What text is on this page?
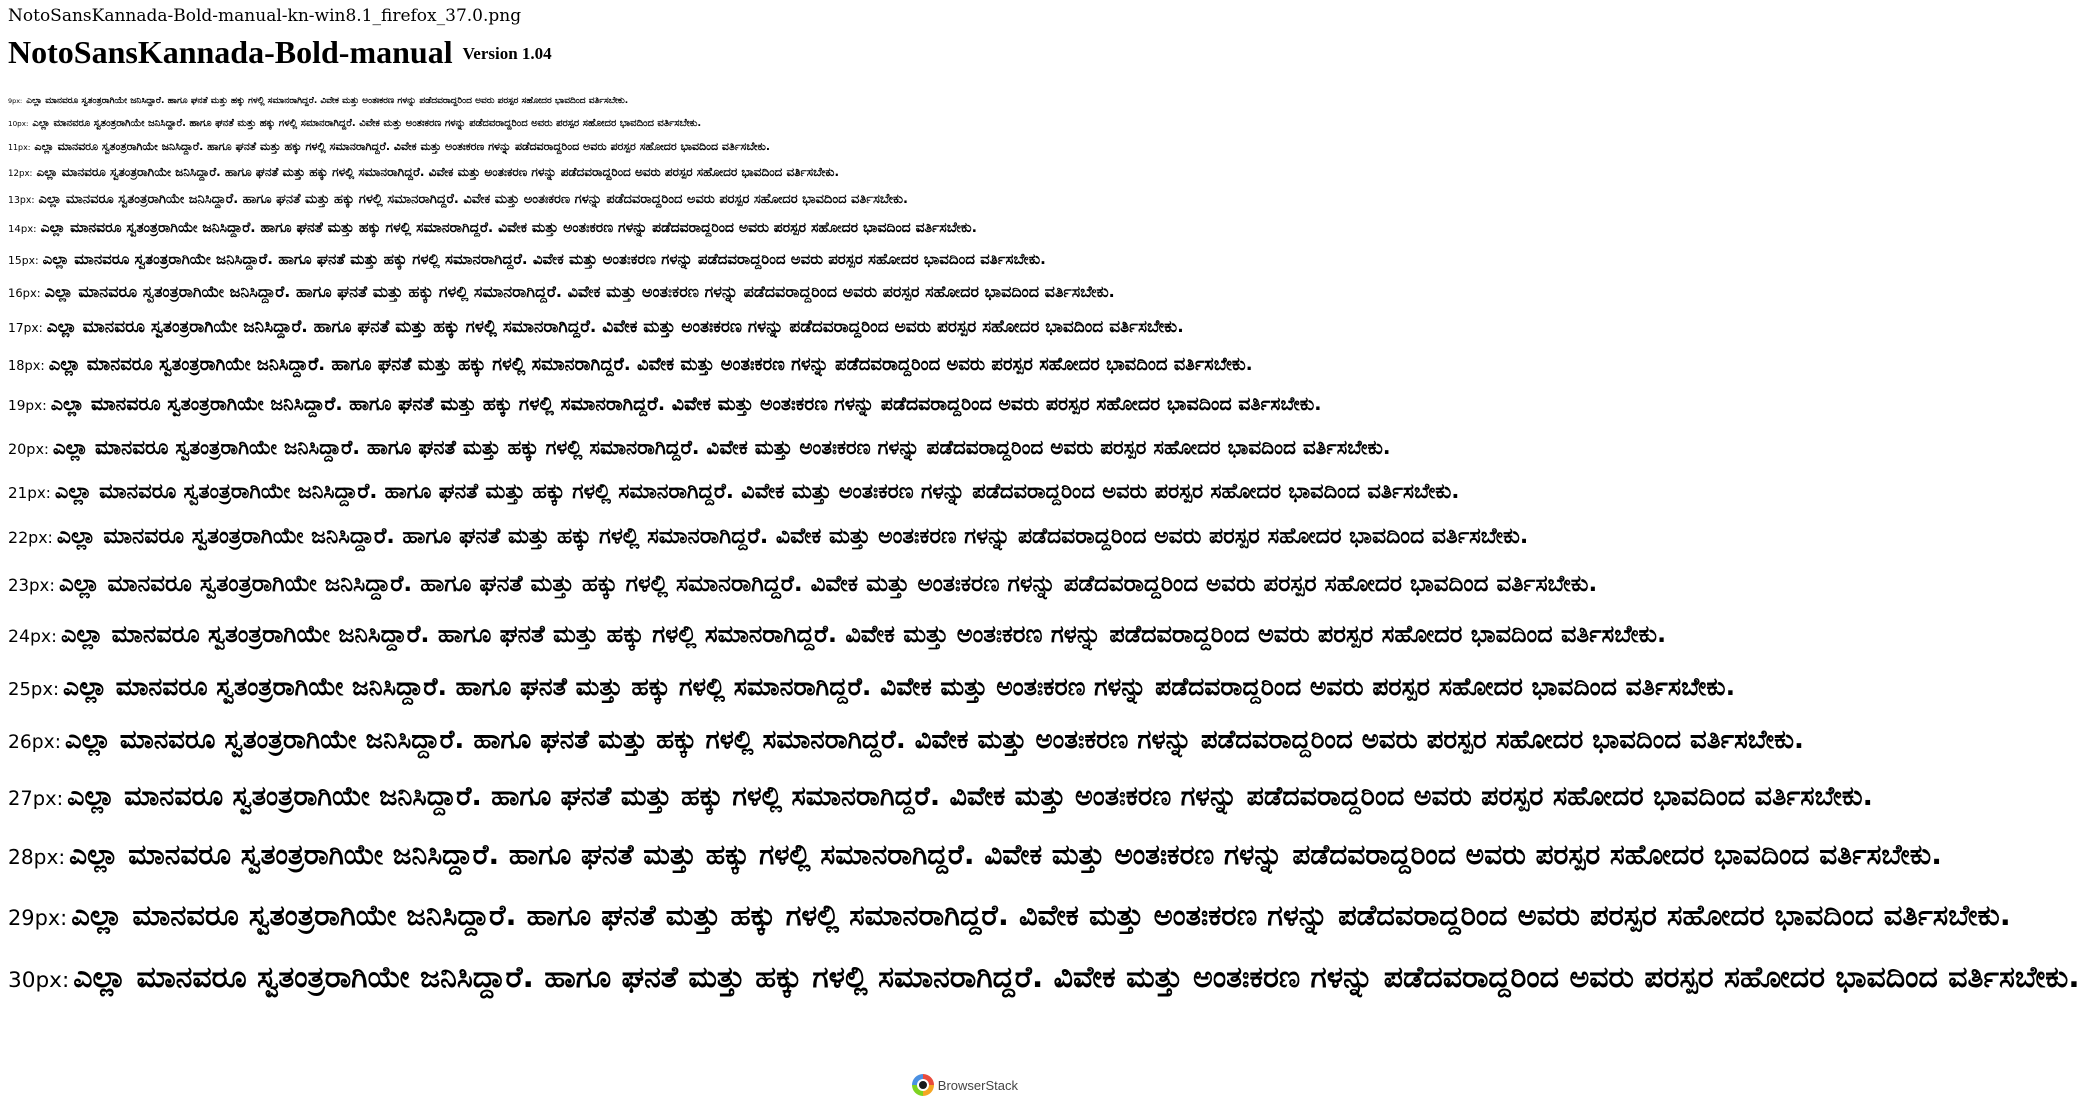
NotoSansKannada-Bold-manual-kn-win8.1_firefox_37.0.png
NotoSansKannada-Bold-manual Version 1.04
9px: ಎಲ್ಲಾ ಮಾನವರೂ ಸ್ವತಂತ್ರರಾಗಿಯೇ ಜನಿಸಿದ್ದಾರೆ. ಹಾಗೂ ಘನತೆ ಮತ್ತು ಹಕ್ಕು ಗಳಲ್ಲಿ ಸಮಾನರಾಗಿದ್ದರೆ. ವಿವೇಕ ಮತ್ತು ಅಂತಃಕರಣ ಗಳನ್ನು ಪಡೆದವರಾದ್ದರಿಂದ ಅವರು ಪರಸ್ಪರ ಸಹೋದರ ಭಾವದಿಂದ ವರ್ತಿಸಬೇಕು.
10px: ಎಲ್ಲಾ ಮಾನವರೂ ಸ್ವತಂತ್ರರಾಗಿಯೇ ಜನಿಸಿದ್ದಾರೆ. ಹಾಗೂ ಘನತೆ ಮತ್ತು ಹಕ್ಕು ಗಳಲ್ಲಿ ಸಮಾನರಾಗಿದ್ದರೆ. ವಿವೇಕ ಮತ್ತು ಅಂತಃಕರಣ ಗಳನ್ನು ಪಡೆದವರಾದ್ದರಿಂದ ಅವರು ಪರಸ್ಪರ ಸಹೋದರ ಭಾವದಿಂದ ವರ್ತಿಸಬೇಕು.
11px: ಎಲ್ಲಾ ಮಾನವರೂ ಸ್ವತಂತ್ರರಾಗಿಯೇ ಜನಿಸಿದ್ದಾರೆ. ಹಾಗೂ ಘನತೆ ಮತ್ತು ಹಕ್ಕು ಗಳಲ್ಲಿ ಸಮಾನರಾಗಿದ್ದರೆ. ವಿವೇಕ ಮತ್ತು ಅಂತಃಕರಣ ಗಳನ್ನು ಪಡೆದವರಾದ್ದರಿಂದ ಅವರು ಪರಸ್ಪರ ಸಹೋದರ ಭಾವದಿಂದ ವರ್ತಿಸಬೇಕು.
12px: ಎಲ್ಲಾ ಮಾನವರೂ ಸ್ವತಂತ್ರರಾಗಿಯೇ ಜನಿಸಿದ್ದಾರೆ. ಹಾಗೂ ಘನತೆ ಮತ್ತು ಹಕ್ಕು ಗಳಲ್ಲಿ ಸಮಾನರಾಗಿದ್ದರೆ. ವಿವೇಕ ಮತ್ತು ಅಂತಃಕರಣ ಗಳನ್ನು ಪಡೆದವರಾದ್ದರಿಂದ ಅವರು ಪರಸ್ಪರ ಸಹೋದರ ಭಾವದಿಂದ ವರ್ತಿಸಬೇಕು.
13px: ಎಲ್ಲಾ ಮಾನವರೂ ಸ್ವತಂತ್ರರಾಗಿಯೇ ಜನಿಸಿದ್ದಾರೆ. ಹಾಗೂ ಘನತೆ ಮತ್ತು ಹಕ್ಕು ಗಳಲ್ಲಿ ಸಮಾನರಾಗಿದ್ದರೆ. ವಿವೇಕ ಮತ್ತು ಅಂತಃಕರಣ ಗಳನ್ನು ಪಡೆದವರಾದ್ದರಿಂದ ಅವರು ಪರಸ್ಪರ ಸಹೋದರ ಭಾವದಿಂದ ವರ್ತಿಸಬೇಕು.
14px: ಎಲ್ಲಾ ಮಾನವರೂ ಸ್ವತಂತ್ರರಾಗಿಯೇ ಜನಿಸಿದ್ದಾರೆ. ಹಾಗೂ ಘನತೆ ಮತ್ತು ಹಕ್ಕು ಗಳಲ್ಲಿ ಸಮಾನರಾಗಿದ್ದರೆ. ವಿವೇಕ ಮತ್ತು ಅಂತಃಕರಣ ಗಳನ್ನು ಪಡೆದವರಾದ್ದರಿಂದ ಅವರು ಪರಸ್ಪರ ಸಹೋದರ ಭಾವದಿಂದ ವರ್ತಿಸಬೇಕು.
15px: ಎಲ್ಲಾ ಮಾನವರೂ ಸ್ವತಂತ್ರರಾಗಿಯೇ ಜನಿಸಿದ್ದಾರೆ. ಹಾಗೂ ಘನತೆ ಮತ್ತು ಹಕ್ಕು ಗಳಲ್ಲಿ ಸಮಾನರಾಗಿದ್ದರೆ. ವಿವೇಕ ಮತ್ತು ಅಂತಃಕರಣ ಗಳನ್ನು ಪಡೆದವರಾದ್ದರಿಂದ ಅವರು ಪರಸ್ಪರ ಸಹೋದರ ಭಾವದಿಂದ ವರ್ತಿಸಬೇಕು.
16px: ಎಲ್ಲಾ ಮಾನವರೂ ಸ್ವತಂತ್ರರಾಗಿಯೇ ಜನಿಸಿದ್ದಾರೆ. ಹಾಗೂ ಘನತೆ ಮತ್ತು ಹಕ್ಕು ಗಳಲ್ಲಿ ಸಮಾನರಾಗಿದ್ದರೆ. ವಿವೇಕ ಮತ್ತು ಅಂತಃಕರಣ ಗಳನ್ನು ಪಡೆದವರಾದ್ದರಿಂದ ಅವರು ಪರಸ್ಪರ ಸಹೋದರ ಭಾವದಿಂದ ವರ್ತಿಸಬೇಕು.
17px: ಎಲ್ಲಾ ಮಾನವರೂ ಸ್ವತಂತ್ರರಾಗಿಯೇ ಜನಿಸಿದ್ದಾರೆ. ಹಾಗೂ ಘನತೆ ಮತ್ತು ಹಕ್ಕು ಗಳಲ್ಲಿ ಸಮಾನರಾಗಿದ್ದರೆ. ವಿವೇಕ ಮತ್ತು ಅಂತಃಕರಣ ಗಳನ್ನು ಪಡೆದವರಾದ್ದರಿಂದ ಅವರು ಪರಸ್ಪರ ಸಹೋದರ ಭಾವದಿಂದ ವರ್ತಿಸಬೇಕು.
18px: ಎಲ್ಲಾ ಮಾನವರೂ ಸ್ವತಂತ್ರರಾಗಿಯೇ ಜನಿಸಿದ್ದಾರೆ. ಹಾಗೂ ಘನತೆ ಮತ್ತು ಹಕ್ಕು ಗಳಲ್ಲಿ ಸಮಾನರಾಗಿದ್ದರೆ. ವಿವೇಕ ಮತ್ತು ಅಂತಃಕರಣ ಗಳನ್ನು ಪಡೆದವರಾದ್ದರಿಂದ ಅವರು ಪರಸ್ಪರ ಸಹೋದರ ಭಾವದಿಂದ ವರ್ತಿಸಬೇಕು.
19px: ಎಲ್ಲಾ ಮಾನವರೂ ಸ್ವತಂತ್ರರಾಗಿಯೇ ಜನಿಸಿದ್ದಾರೆ. ಹಾಗೂ ಘನತೆ ಮತ್ತು ಹಕ್ಕು ಗಳಲ್ಲಿ ಸಮಾನರಾಗಿದ್ದರೆ. ವಿವೇಕ ಮತ್ತು ಅಂತಃಕರಣ ಗಳನ್ನು ಪಡೆದವರಾದ್ದರಿಂದ ಅವರು ಪರಸ್ಪರ ಸಹೋದರ ಭಾವದಿಂದ ವರ್ತಿಸಬೇಕು.
20px: ಎಲ್ಲಾ ಮಾನವರೂ ಸ್ವತಂತ್ರರಾಗಿಯೇ ಜನಿಸಿದ್ದಾರೆ. ಹಾಗೂ ಘನತೆ ಮತ್ತು ಹಕ್ಕು ಗಳಲ್ಲಿ ಸಮಾನರಾಗಿದ್ದರೆ. ವಿವೇಕ ಮತ್ತು ಅಂತಃಕರಣ ಗಳನ್ನು ಪಡೆದವರಾದ್ದರಿಂದ ಅವರು ಪರಸ್ಪರ ಸಹೋದರ ಭಾವದಿಂದ ವರ್ತಿಸಬೇಕು.
21px: ಎಲ್ಲಾ ಮಾನವರೂ ಸ್ವತಂತ್ರರಾಗಿಯೇ ಜನಿಸಿದ್ದಾರೆ. ಹಾಗೂ ಘನತೆ ಮತ್ತು ಹಕ್ಕು ಗಳಲ್ಲಿ ಸಮಾನರಾಗಿದ್ದರೆ. ವಿವೇಕ ಮತ್ತು ಅಂತಃಕರಣ ಗಳನ್ನು ಪಡೆದವರಾದ್ದರಿಂದ ಅವರು ಪರಸ್ಪರ ಸಹೋದರ ಭಾವದಿಂದ ವರ್ತಿಸಬೇಕು.
22px: ಎಲ್ಲಾ ಮಾನವರೂ ಸ್ವತಂತ್ರರಾಗಿಯೇ ಜನಿಸಿದ್ದಾರೆ. ಹಾಗೂ ಘನತೆ ಮತ್ತು ಹಕ್ಕು ಗಳಲ್ಲಿ ಸಮಾನರಾಗಿದ್ದರೆ. ವಿವೇಕ ಮತ್ತು ಅಂತಃಕರಣ ಗಳನ್ನು ಪಡೆದವರಾದ್ದರಿಂದ ಅವರು ಪರಸ್ಪರ ಸಹೋದರ ಭಾವದಿಂದ ವರ್ತಿಸಬೇಕು.
23px: ಎಲ್ಲಾ ಮಾನವರೂ ಸ್ವತಂತ್ರರಾಗಿಯೇ ಜನಿಸಿದ್ದಾರೆ. ಹಾಗೂ ಘನತೆ ಮತ್ತು ಹಕ್ಕು ಗಳಲ್ಲಿ ಸಮಾನರಾಗಿದ್ದರೆ. ವಿವೇಕ ಮತ್ತು ಅಂತಃಕರಣ ಗಳನ್ನು ಪಡೆದವರಾದ್ದರಿಂದ ಅವರು ಪರಸ್ಪರ ಸಹೋದರ ಭಾವದಿಂದ ವರ್ತಿಸಬೇಕು.
24px: ಎಲ್ಲಾ ಮಾನವರೂ ಸ್ವತಂತ್ರರಾಗಿಯೇ ಜನಿಸಿದ್ದಾರೆ. ಹಾಗೂ ಘನತೆ ಮತ್ತು ಹಕ್ಕು ಗಳಲ್ಲಿ ಸಮಾನರಾಗಿದ್ದರೆ. ವಿವೇಕ ಮತ್ತು ಅಂತಃಕರಣ ಗಳನ್ನು ಪಡೆದವರಾದ್ದರಿಂದ ಅವರು ಪರಸ್ಪರ ಸಹೋದರ ಭಾವದಿಂದ ವರ್ತಿಸಬೇಕು.
25px: ಎಲ್ಲಾ ಮಾನವರೂ ಸ್ವತಂತ್ರರಾಗಿಯೇ ಜನಿಸಿದ್ದಾರೆ. ಹಾಗೂ ಘನತೆ ಮತ್ತು ಹಕ್ಕು ಗಳಲ್ಲಿ ಸಮಾನರಾಗಿದ್ದರೆ. ವಿವೇಕ ಮತ್ತು ಅಂತಃಕರಣ ಗಳನ್ನು ಪಡೆದವರಾದ್ದರಿಂದ ಅವರು ಪರಸ್ಪರ ಸಹೋದರ ಭಾವದಿಂದ ವರ್ತಿಸಬೇಕು.
26px: ಎಲ್ಲಾ ಮಾನವರೂ ಸ್ವತಂತ್ರರಾಗಿಯೇ ಜನಿಸಿದ್ದಾರೆ. ಹಾಗೂ ಘನತೆ ಮತ್ತು ಹಕ್ಕು ಗಳಲ್ಲಿ ಸಮಾನರಾಗಿದ್ದರೆ. ವಿವೇಕ ಮತ್ತು ಅಂತಃಕರಣ ಗಳನ್ನು ಪಡೆದವರಾದ್ದರಿಂದ ಅವರು ಪರಸ್ಪರ ಸಹೋದರ ಭಾವದಿಂದ ವರ್ತಿಸಬೇಕು.
27px: ಎಲ್ಲಾ ಮಾನವರೂ ಸ್ವತಂತ್ರರಾಗಿಯೇ ಜನಿಸಿದ್ದಾರೆ. ಹಾಗೂ ಘನತೆ ಮತ್ತು ಹಕ್ಕು ಗಳಲ್ಲಿ ಸಮಾನರಾಗಿದ್ದರೆ. ವಿವೇಕ ಮತ್ತು ಅಂತಃಕರಣ ಗಳನ್ನು ಪಡೆದವರಾದ್ದರಿಂದ ಅವರು ಪರಸ್ಪರ ಸಹೋದರ ಭಾವದಿಂದ ವರ್ತಿಸಬೇಕು.
28px: ಎಲ್ಲಾ ಮಾನವರೂ ಸ್ವತಂತ್ರರಾಗಿಯೇ ಜನಿಸಿದ್ದಾರೆ. ಹಾಗೂ ಘನತೆ ಮತ್ತು ಹಕ್ಕು ಗಳಲ್ಲಿ ಸಮಾನರಾಗಿದ್ದರೆ. ವಿವೇಕ ಮತ್ತು ಅಂತಃಕರಣ ಗಳನ್ನು ಪಡೆದವರಾದ್ದರಿಂದ ಅವರು ಪರಸ್ಪರ ಸಹೋದರ ಭಾವದಿಂದ ವರ್ತಿಸಬೇಕು.
29px: ಎಲ್ಲಾ ಮಾನವರೂ ಸ್ವತಂತ್ರರಾಗಿಯೇ ಜನಿಸಿದ್ದಾರೆ. ಹಾಗೂ ಘನತೆ ಮತ್ತು ಹಕ್ಕು ಗಳಲ್ಲಿ ಸಮಾನರಾಗಿದ್ದರೆ. ವಿವೇಕ ಮತ್ತು ಅಂತಃಕರಣ ಗಳನ್ನು ಪಡೆದವರಾದ್ದರಿಂದ ಅವರು ಪರಸ್ಪರ ಸಹೋದರ ಭಾವದಿಂದ ವರ್ತಿಸಬೇಕು.
30px: ಎಲ್ಲಾ ಮಾನವರೂ ಸ್ವತಂತ್ರರಾಗಿಯೇ ಜನಿಸಿದ್ದಾರೆ. ಹಾಗೂ ಘನತೆ ಮತ್ತು ಹಕ್ಕು ಗಳಲ್ಲಿ ಸಮಾನರಾಗಿದ್ದರೆ. ವಿವೇಕ ಮತ್ತು ಅಂತಃಕರಣ ಗಳನ್ನು ಪಡೆದವರಾದ್ದರಿಂದ ಅವರು ಪರಸ್ಪರ ಸಹೋದರ ಭಾವದಿಂದ ವರ್ತಿಸಬೇಕು.
BrowserStack
